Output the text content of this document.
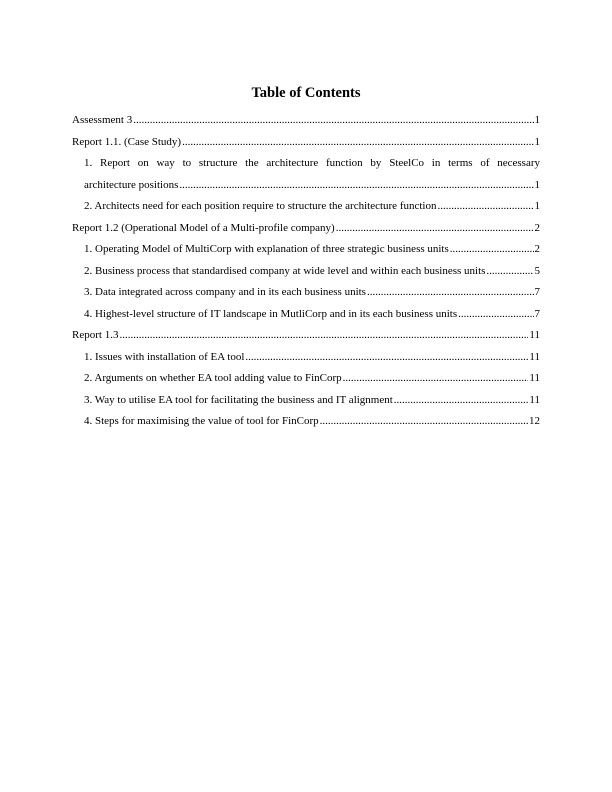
Table of Contents
Assessment 3 .....	1
Report 1.1. (Case Study) .....	1
1. Report on way to structure the architecture function by SteelCo in terms of necessary
architecture positions .....	1
2. Architects need for each position require to structure the architecture function .....	1
Report 1.2 (Operational Model of a Multi-profile company) .....	2
1. Operating Model of MultiCorp with explanation of three strategic business units .....	2
2. Business process that standardised company at wide level and within each business units .....	5
3. Data integrated across company and in its each business units .....	7
4. Highest-level structure of IT landscape in MutliCorp and in its each business units .....	7
Report 1.3 .....	11
1. Issues with installation of EA tool .....	11
2. Arguments on whether EA tool adding value to FinCorp .....	11
3. Way to utilise EA tool for facilitating the business and IT alignment .....	11
4. Steps for maximising the value of tool for FinCorp .....	12
